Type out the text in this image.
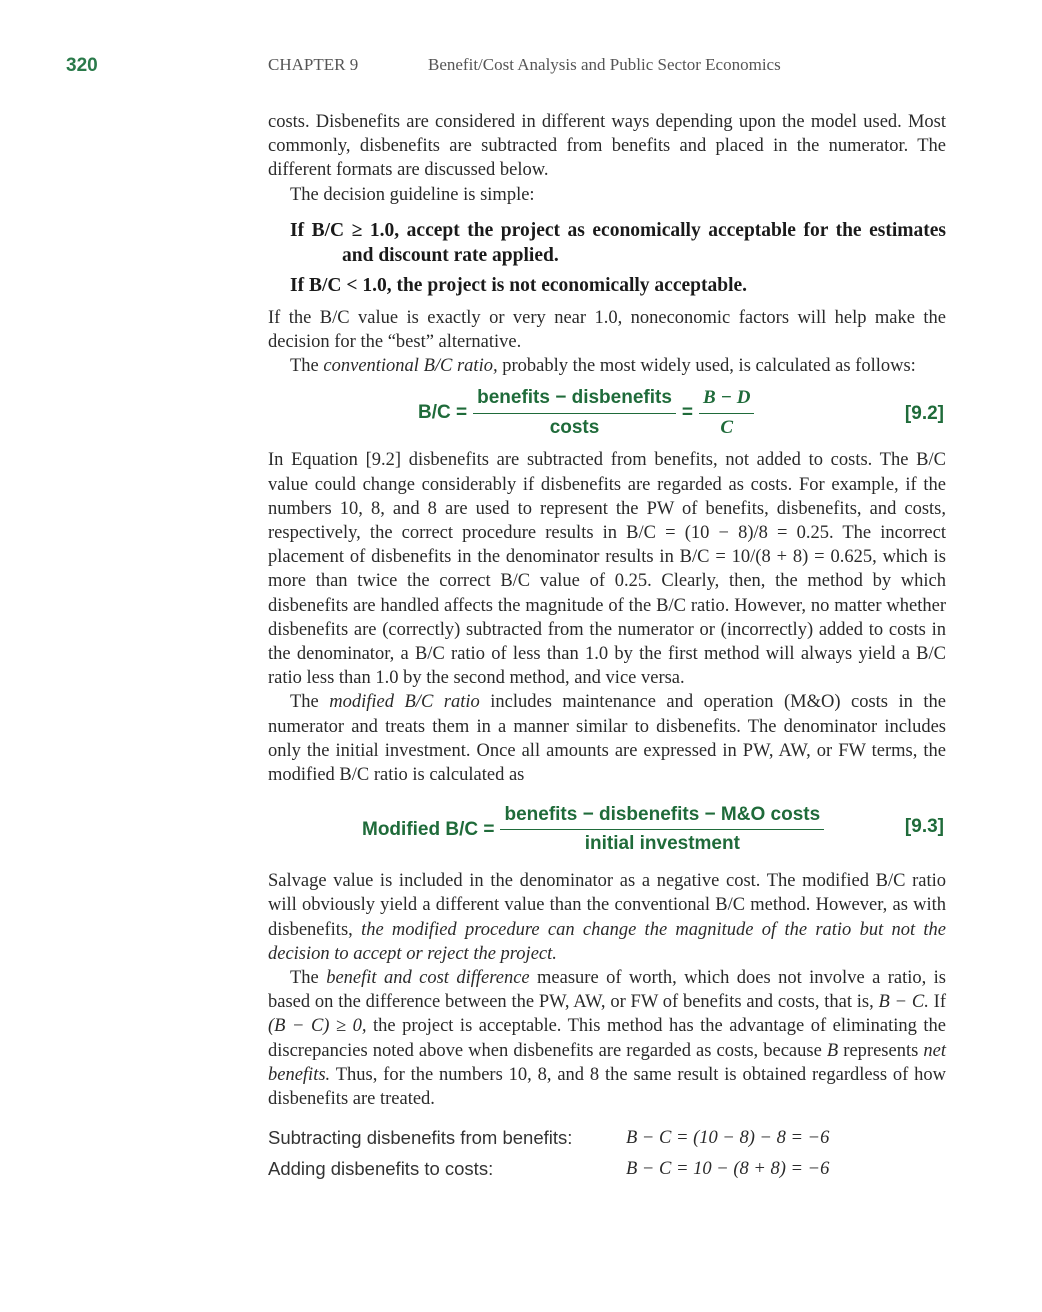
320	CHAPTER 9	Benefit/Cost Analysis and Public Sector Economics

costs. Disbenefits are considered in different ways depending upon the model used. Most commonly, disbenefits are subtracted from benefits and placed in the numerator. The different formats are discussed below.

The decision guideline is simple:

If B/C ≥ 1.0, accept the project as economically acceptable for the estimates and discount rate applied.
If B/C < 1.0, the project is not economically acceptable.

If the B/C value is exactly or very near 1.0, noneconomic factors will help make the decision for the “best” alternative.

The conventional B/C ratio, probably the most widely used, is calculated as follows:

$B/C = \frac{\text{benefits − disbenefits}}{\text{costs}} = \frac{B - D}{C}$	[9.2]

In Equation [9.2] disbenefits are subtracted from benefits, not added to costs. The B/C value could change considerably if disbenefits are regarded as costs. For example, if the numbers 10, 8, and 8 are used to represent the PW of benefits, disbenefits, and costs, respectively, the correct procedure results in B/C = (10 − 8)/8 = 0.25. The incorrect placement of disbenefits in the denominator results in B/C = 10/(8 + 8) = 0.625, which is more than twice the correct B/C value of 0.25. Clearly, then, the method by which disbenefits are handled affects the magnitude of the B/C ratio. However, no matter whether disbenefits are (correctly) subtracted from the numerator or (incorrectly) added to costs in the denominator, a B/C ratio of less than 1.0 by the first method will always yield a B/C ratio less than 1.0 by the second method, and vice versa.

The modified B/C ratio includes maintenance and operation (M&O) costs in the numerator and treats them in a manner similar to disbenefits. The denominator includes only the initial investment. Once all amounts are expressed in PW, AW, or FW terms, the modified B/C ratio is calculated as

Modified $B/C = \frac{\text{benefits − disbenefits − M\&O costs}}{\text{initial investment}}$	[9.3]

Salvage value is included in the denominator as a negative cost. The modified B/C ratio will obviously yield a different value than the conventional B/C method. However, as with disbenefits, the modified procedure can change the magnitude of the ratio but not the decision to accept or reject the project.

The benefit and cost difference measure of worth, which does not involve a ratio, is based on the difference between the PW, AW, or FW of benefits and costs, that is, B − C. If (B − C) ≥ 0, the project is acceptable. This method has the advantage of eliminating the discrepancies noted above when disbenefits are regarded as costs, because B represents net benefits. Thus, for the numbers 10, 8, and 8 the same result is obtained regardless of how disbenefits are treated.

Subtracting disbenefits from benefits:	B − C = (10 − 8) − 8 = −6
Adding disbenefits to costs:	B − C = 10 − (8 + 8) = −6
